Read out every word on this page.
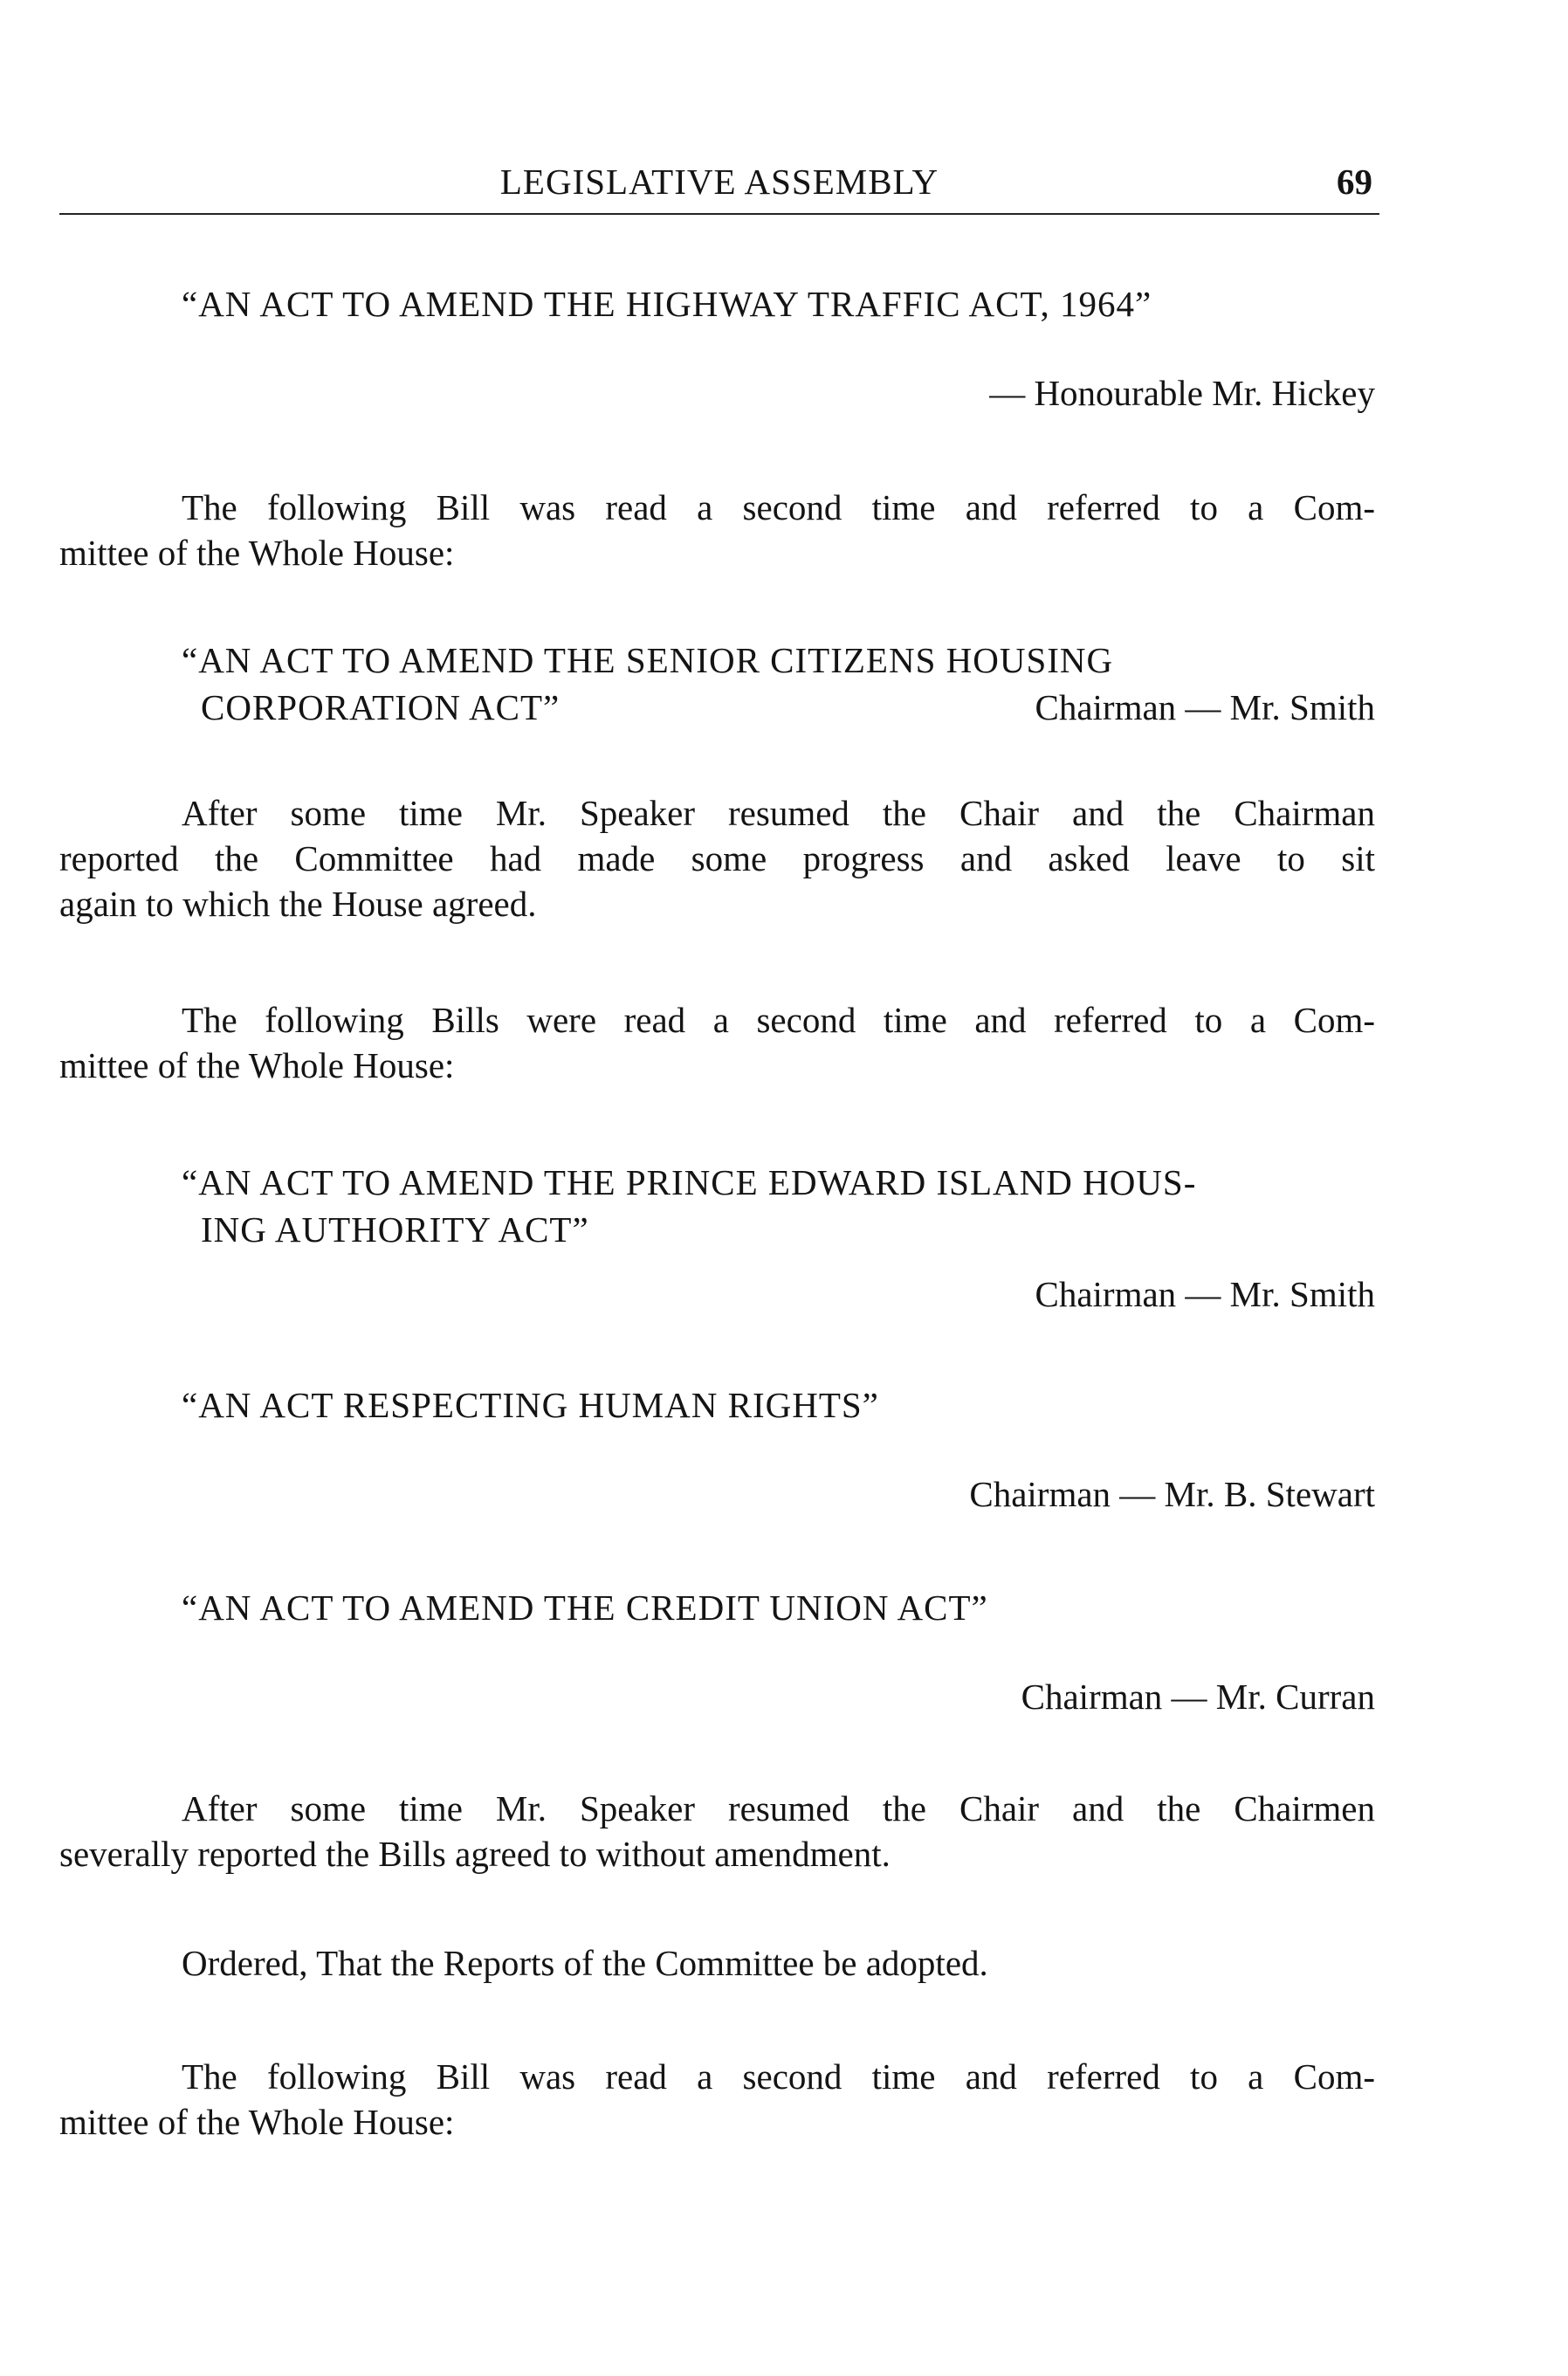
LEGISLATIVE ASSEMBLY	69
“AN ACT TO AMEND THE HIGHWAY TRAFFIC ACT, 1964”
— Honourable Mr. Hickey
The following Bill was read a second time and referred to a Com-
mittee of the Whole House:
“AN ACT TO AMEND THE SENIOR CITIZENS HOUSING
CORPORATION ACT”	Chairman — Mr. Smith
After some time Mr. Speaker resumed the Chair and the Chairman
reported the Committee had made some progress and asked leave to sit
again to which the House agreed.
The following Bills were read a second time and referred to a Com-
mittee of the Whole House:
“AN ACT TO AMEND THE PRINCE EDWARD ISLAND HOUS-
ING AUTHORITY ACT”
Chairman — Mr. Smith
“AN ACT RESPECTING HUMAN RIGHTS”
Chairman — Mr. B. Stewart
“AN ACT TO AMEND THE CREDIT UNION ACT”
Chairman — Mr. Curran
After some time Mr. Speaker resumed the Chair and the Chairmen
severally reported the Bills agreed to without amendment.
Ordered, That the Reports of the Committee be adopted.
The following Bill was read a second time and referred to a Com-
mittee of the Whole House:
